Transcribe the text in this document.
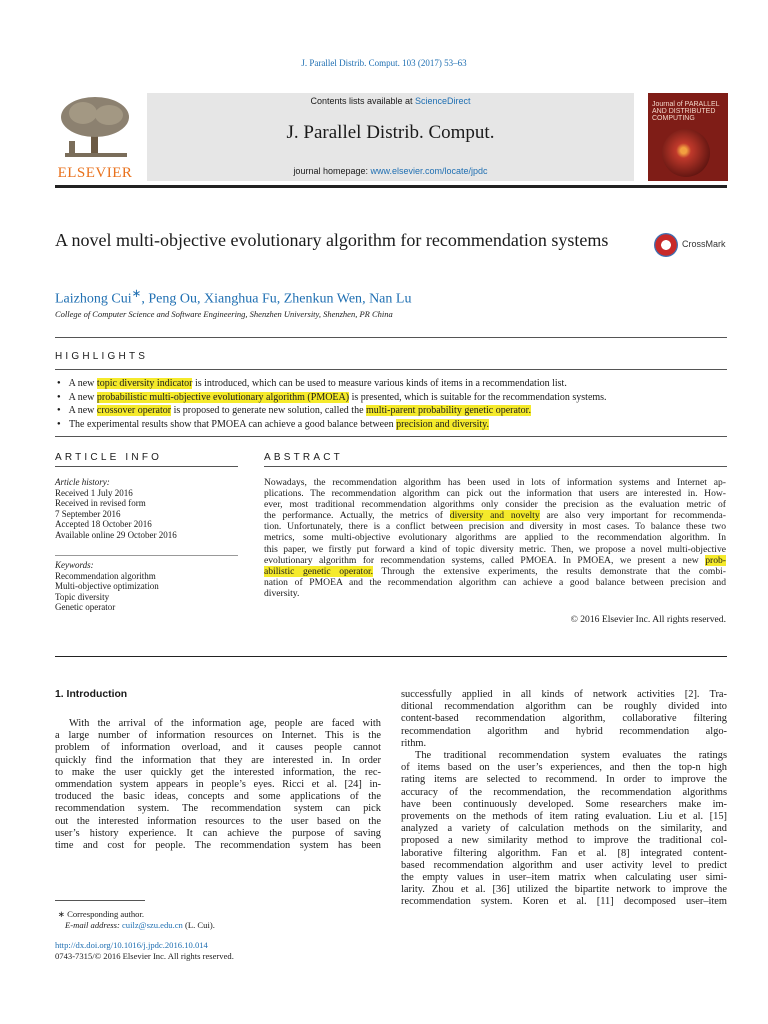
J. Parallel Distrib. Comput. 103 (2017) 53–63
ELSEVIER
Contents lists available at ScienceDirect
J. Parallel Distrib. Comput.
journal homepage: www.elsevier.com/locate/jpdc
Journal of PARALLEL AND DISTRIBUTED COMPUTING
A novel multi-objective evolutionary algorithm for recommendation systems	CrossMark
Laizhong Cui∗, Peng Ou, Xianghua Fu, Zhenkun Wen, Nan Lu
College of Computer Science and Software Engineering, Shenzhen University, Shenzhen, PR China
HIGHLIGHTS
● A new topic diversity indicator is introduced, which can be used to measure various kinds of items in a recommendation list.
● A new probabilistic multi-objective evolutionary algorithm (PMOEA) is presented, which is suitable for the recommendation systems.
● A new crossover operator is proposed to generate new solution, called the multi-parent probability genetic operator.
● The experimental results show that PMOEA can achieve a good balance between precision and diversity.
ARTICLE INFO
Article history:
Received 1 July 2016
Received in revised form
7 September 2016
Accepted 18 October 2016
Available online 29 October 2016
Keywords:
Recommendation algorithm
Multi-objective optimization
Topic diversity
Genetic operator
ABSTRACT
Nowadays, the recommendation algorithm has been used in lots of information systems and Internet ap-
plications. The recommendation algorithm can pick out the information that users are interested in. How-
ever, most traditional recommendation algorithms only consider the precision as the evaluation metric of
the performance. Actually, the metrics of diversity and novelty are also very important for recommenda-
tion. Unfortunately, there is a conflict between precision and diversity in most cases. To balance these two
metrics, some multi-objective evolutionary algorithms are applied to the recommendation algorithm. In
this paper, we firstly put forward a kind of topic diversity metric. Then, we propose a novel multi-objective
evolutionary algorithm for recommendation systems, called PMOEA. In PMOEA, we present a new prob-
abilistic genetic operator. Through the extensive experiments, the results demonstrate that the combi-
nation of PMOEA and the recommendation algorithm can achieve a good balance between precision and
diversity.
© 2016 Elsevier Inc. All rights reserved.
1. Introduction
With the arrival of the information age, people are faced with
a large number of information resources on Internet. This is the
problem of information overload, and it causes people cannot
quickly find the information that they are interested in. In order
to make the user quickly get the interested information, the rec-
ommendation system appears in people’s eyes. Ricci et al. [24] in-
troduced the basic ideas, concepts and some applications of the
recommendation system. The recommendation system can pick
out the interested information resources to the user based on the
user’s history experience. It can achieve the purpose of saving
time and cost for people. The recommendation system has been
successfully applied in all kinds of network activities [2]. Tra-
ditional recommendation algorithm can be roughly divided into
content-based recommendation algorithm, collaborative filtering
recommendation algorithm and hybrid recommendation algo-
rithm.
The traditional recommendation system evaluates the ratings
of items based on the user’s experiences, and then the top-n high
rating items are selected to recommend. In order to improve the
accuracy of the recommendation, the recommendation algorithms
have been continuously developed. Some researchers make im-
provements on the methods of item rating evaluation. Liu et al. [15]
analyzed a variety of calculation methods on the similarity, and
proposed a new similarity method to improve the traditional col-
laborative filtering algorithm. Fan et al. [8] integrated content-
based recommendation algorithm and user activity level to predict
the empty values in user–item matrix when calculating user simi-
larity. Zhou et al. [36] utilized the bipartite network to improve the
recommendation system. Koren et al. [11] decomposed user–item
∗ Corresponding author.
E-mail address: cuilz@szu.edu.cn (L. Cui).
http://dx.doi.org/10.1016/j.jpdc.2016.10.014
0743-7315/© 2016 Elsevier Inc. All rights reserved.
